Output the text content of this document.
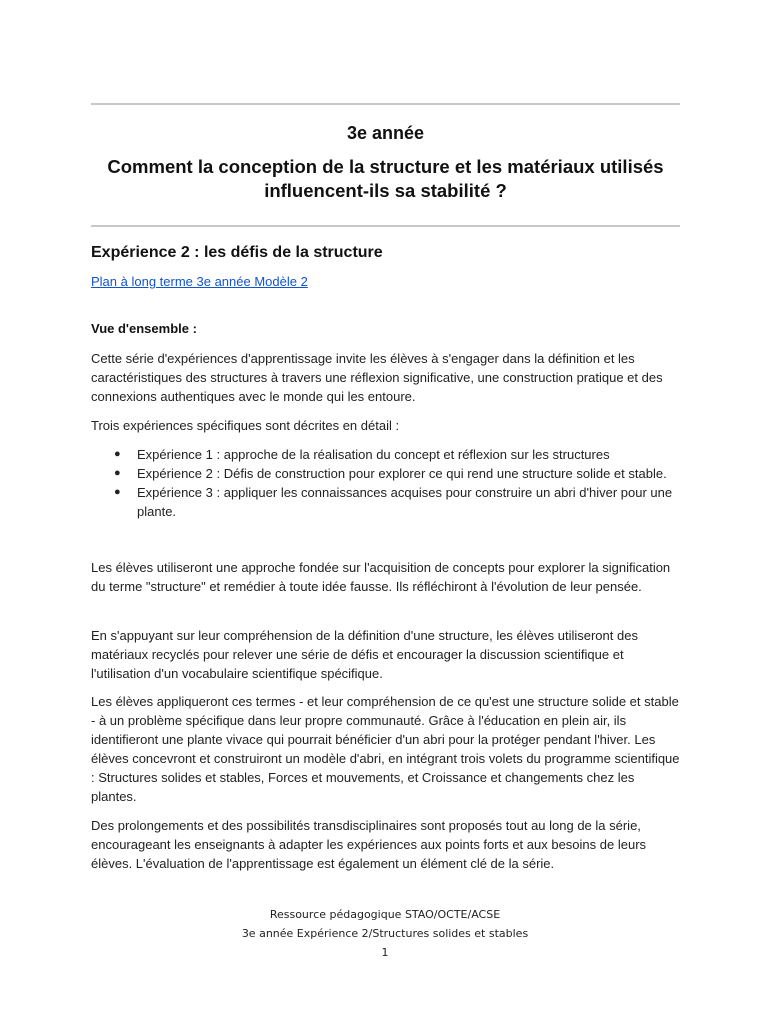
3e année
Comment la conception de la structure et les matériaux utilisés influencent-ils sa stabilité ?
Expérience 2 : les défis de la structure
Plan à long terme 3e année Modèle 2
Vue d'ensemble :

Cette série d'expériences d'apprentissage invite les élèves à s'engager dans la définition et les caractéristiques des structures à travers une réflexion significative, une construction pratique et des connexions authentiques avec le monde qui les entoure.

Trois expériences spécifiques sont décrites en détail :

● Expérience 1 : approche de la réalisation du concept et réflexion sur les structures
● Expérience 2 : Défis de construction pour explorer ce qui rend une structure solide et stable.
● Expérience 3 : appliquer les connaissances acquises pour construire un abri d'hiver pour une plante.

Les élèves utiliseront une approche fondée sur l'acquisition de concepts pour explorer la signification du terme "structure" et remédier à toute idée fausse. Ils réfléchiront à l'évolution de leur pensée.

En s'appuyant sur leur compréhension de la définition d'une structure, les élèves utiliseront des matériaux recyclés pour relever une série de défis et encourager la discussion scientifique et l'utilisation d'un vocabulaire scientifique spécifique.

Les élèves appliqueront ces termes - et leur compréhension de ce qu'est une structure solide et stable - à un problème spécifique dans leur propre communauté. Grâce à l'éducation en plein air, ils identifieront une plante vivace qui pourrait bénéficier d'un abri pour la protéger pendant l'hiver. Les élèves concevront et construiront un modèle d'abri, en intégrant trois volets du programme scientifique : Structures solides et stables, Forces et mouvements, et Croissance et changements chez les plantes.

Des prolongements et des possibilités transdisciplinaires sont proposés tout au long de la série, encourageant les enseignants à adapter les expériences aux points forts et aux besoins de leurs élèves. L'évaluation de l'apprentissage est également un élément clé de la série.

Ressource pédagogique STAO/OCTE/ACSE
3e année Expérience 2/Structures solides et stables
1
